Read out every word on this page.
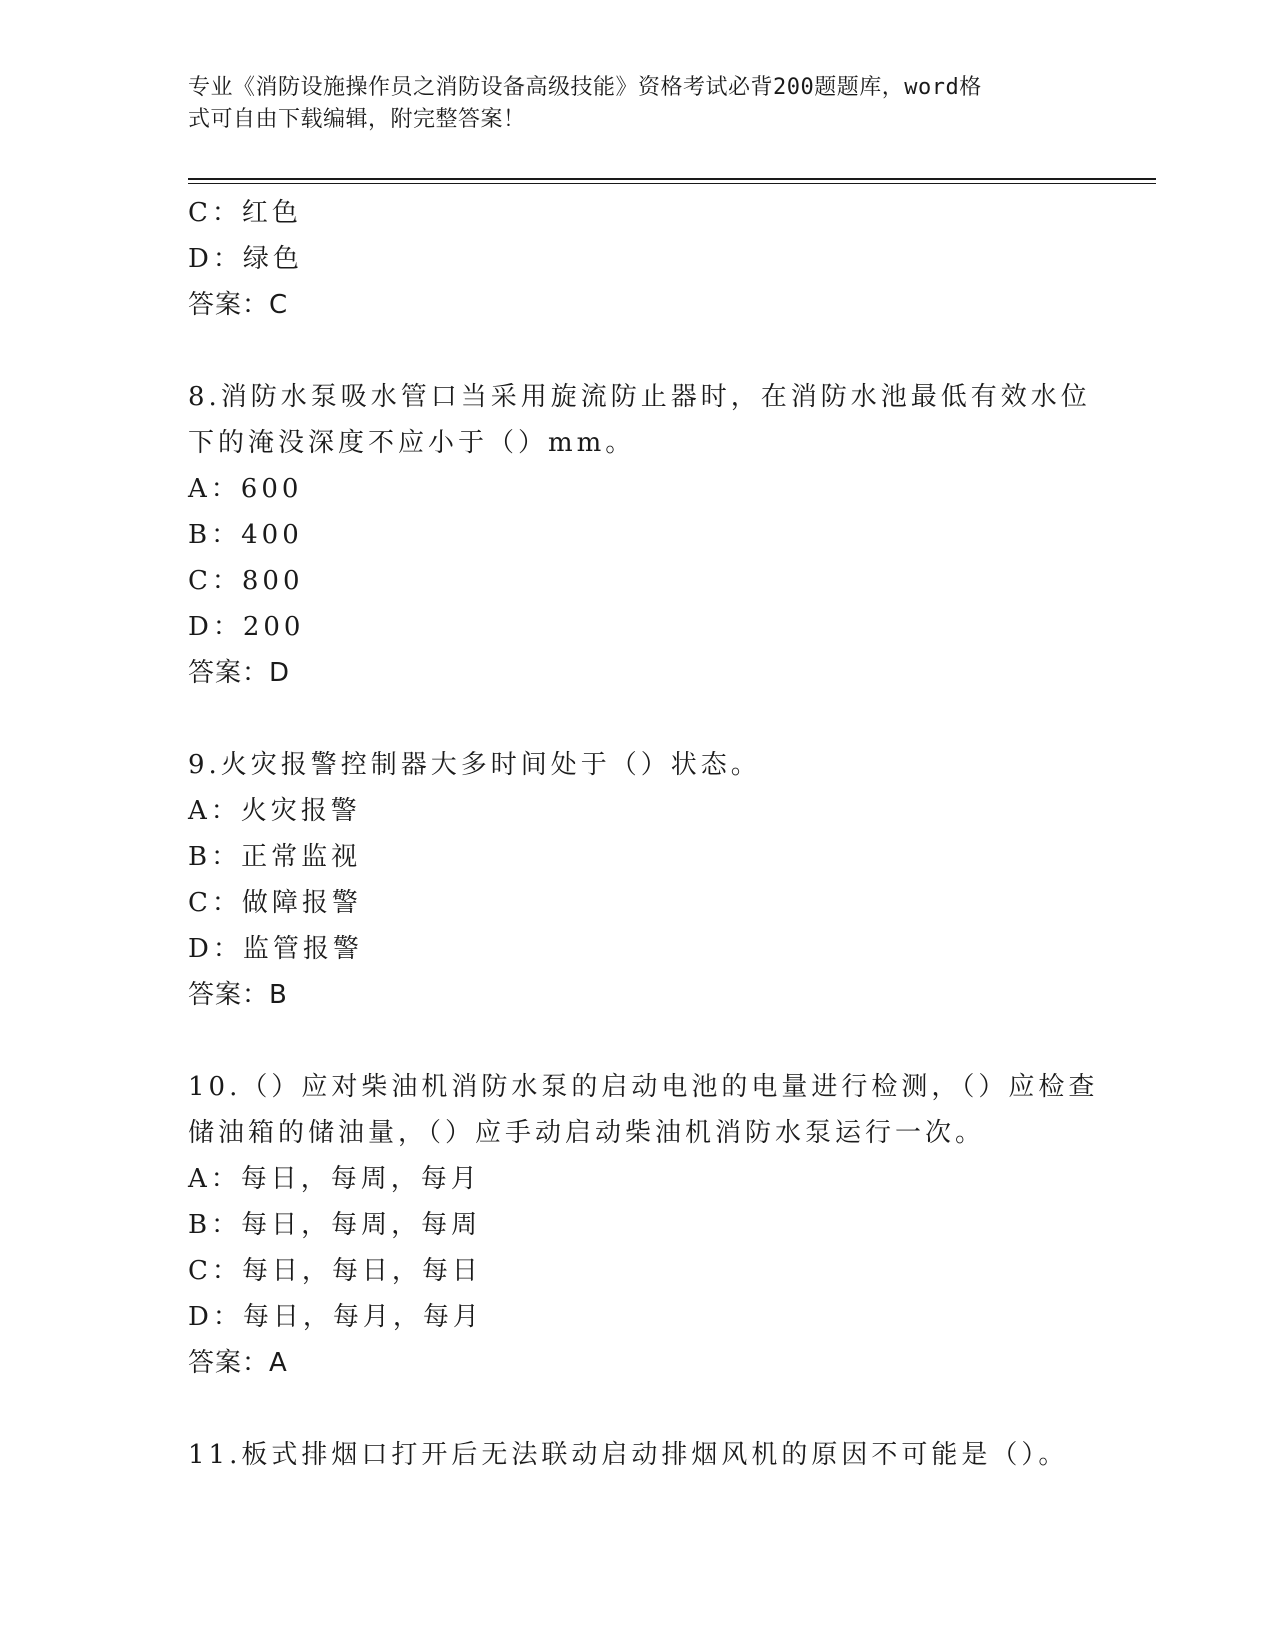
专业《消防设施操作员之消防设备高级技能》资格考试必背200题题库，word格
式可自由下载编辑，附完整答案！
C：红色
D：绿色
答案：C
8.消防水泵吸水管口当采用旋流防止器时，在消防水池最低有效水位
下的淹没深度不应小于（）mm。
A：600
B：400
C：800
D：200
答案：D
9.火灾报警控制器大多时间处于（）状态。
A：火灾报警
B：正常监视
C：做障报警
D：监管报警
答案：B
10.（）应对柴油机消防水泵的启动电池的电量进行检测，（）应检查
储油箱的储油量，（）应手动启动柴油机消防水泵运行一次。
A：每日，每周，每月
B：每日，每周，每周
C：每日，每日，每日
D：每日，每月，每月
答案：A
11.板式排烟口打开后无法联动启动排烟风机的原因不可能是（）。
